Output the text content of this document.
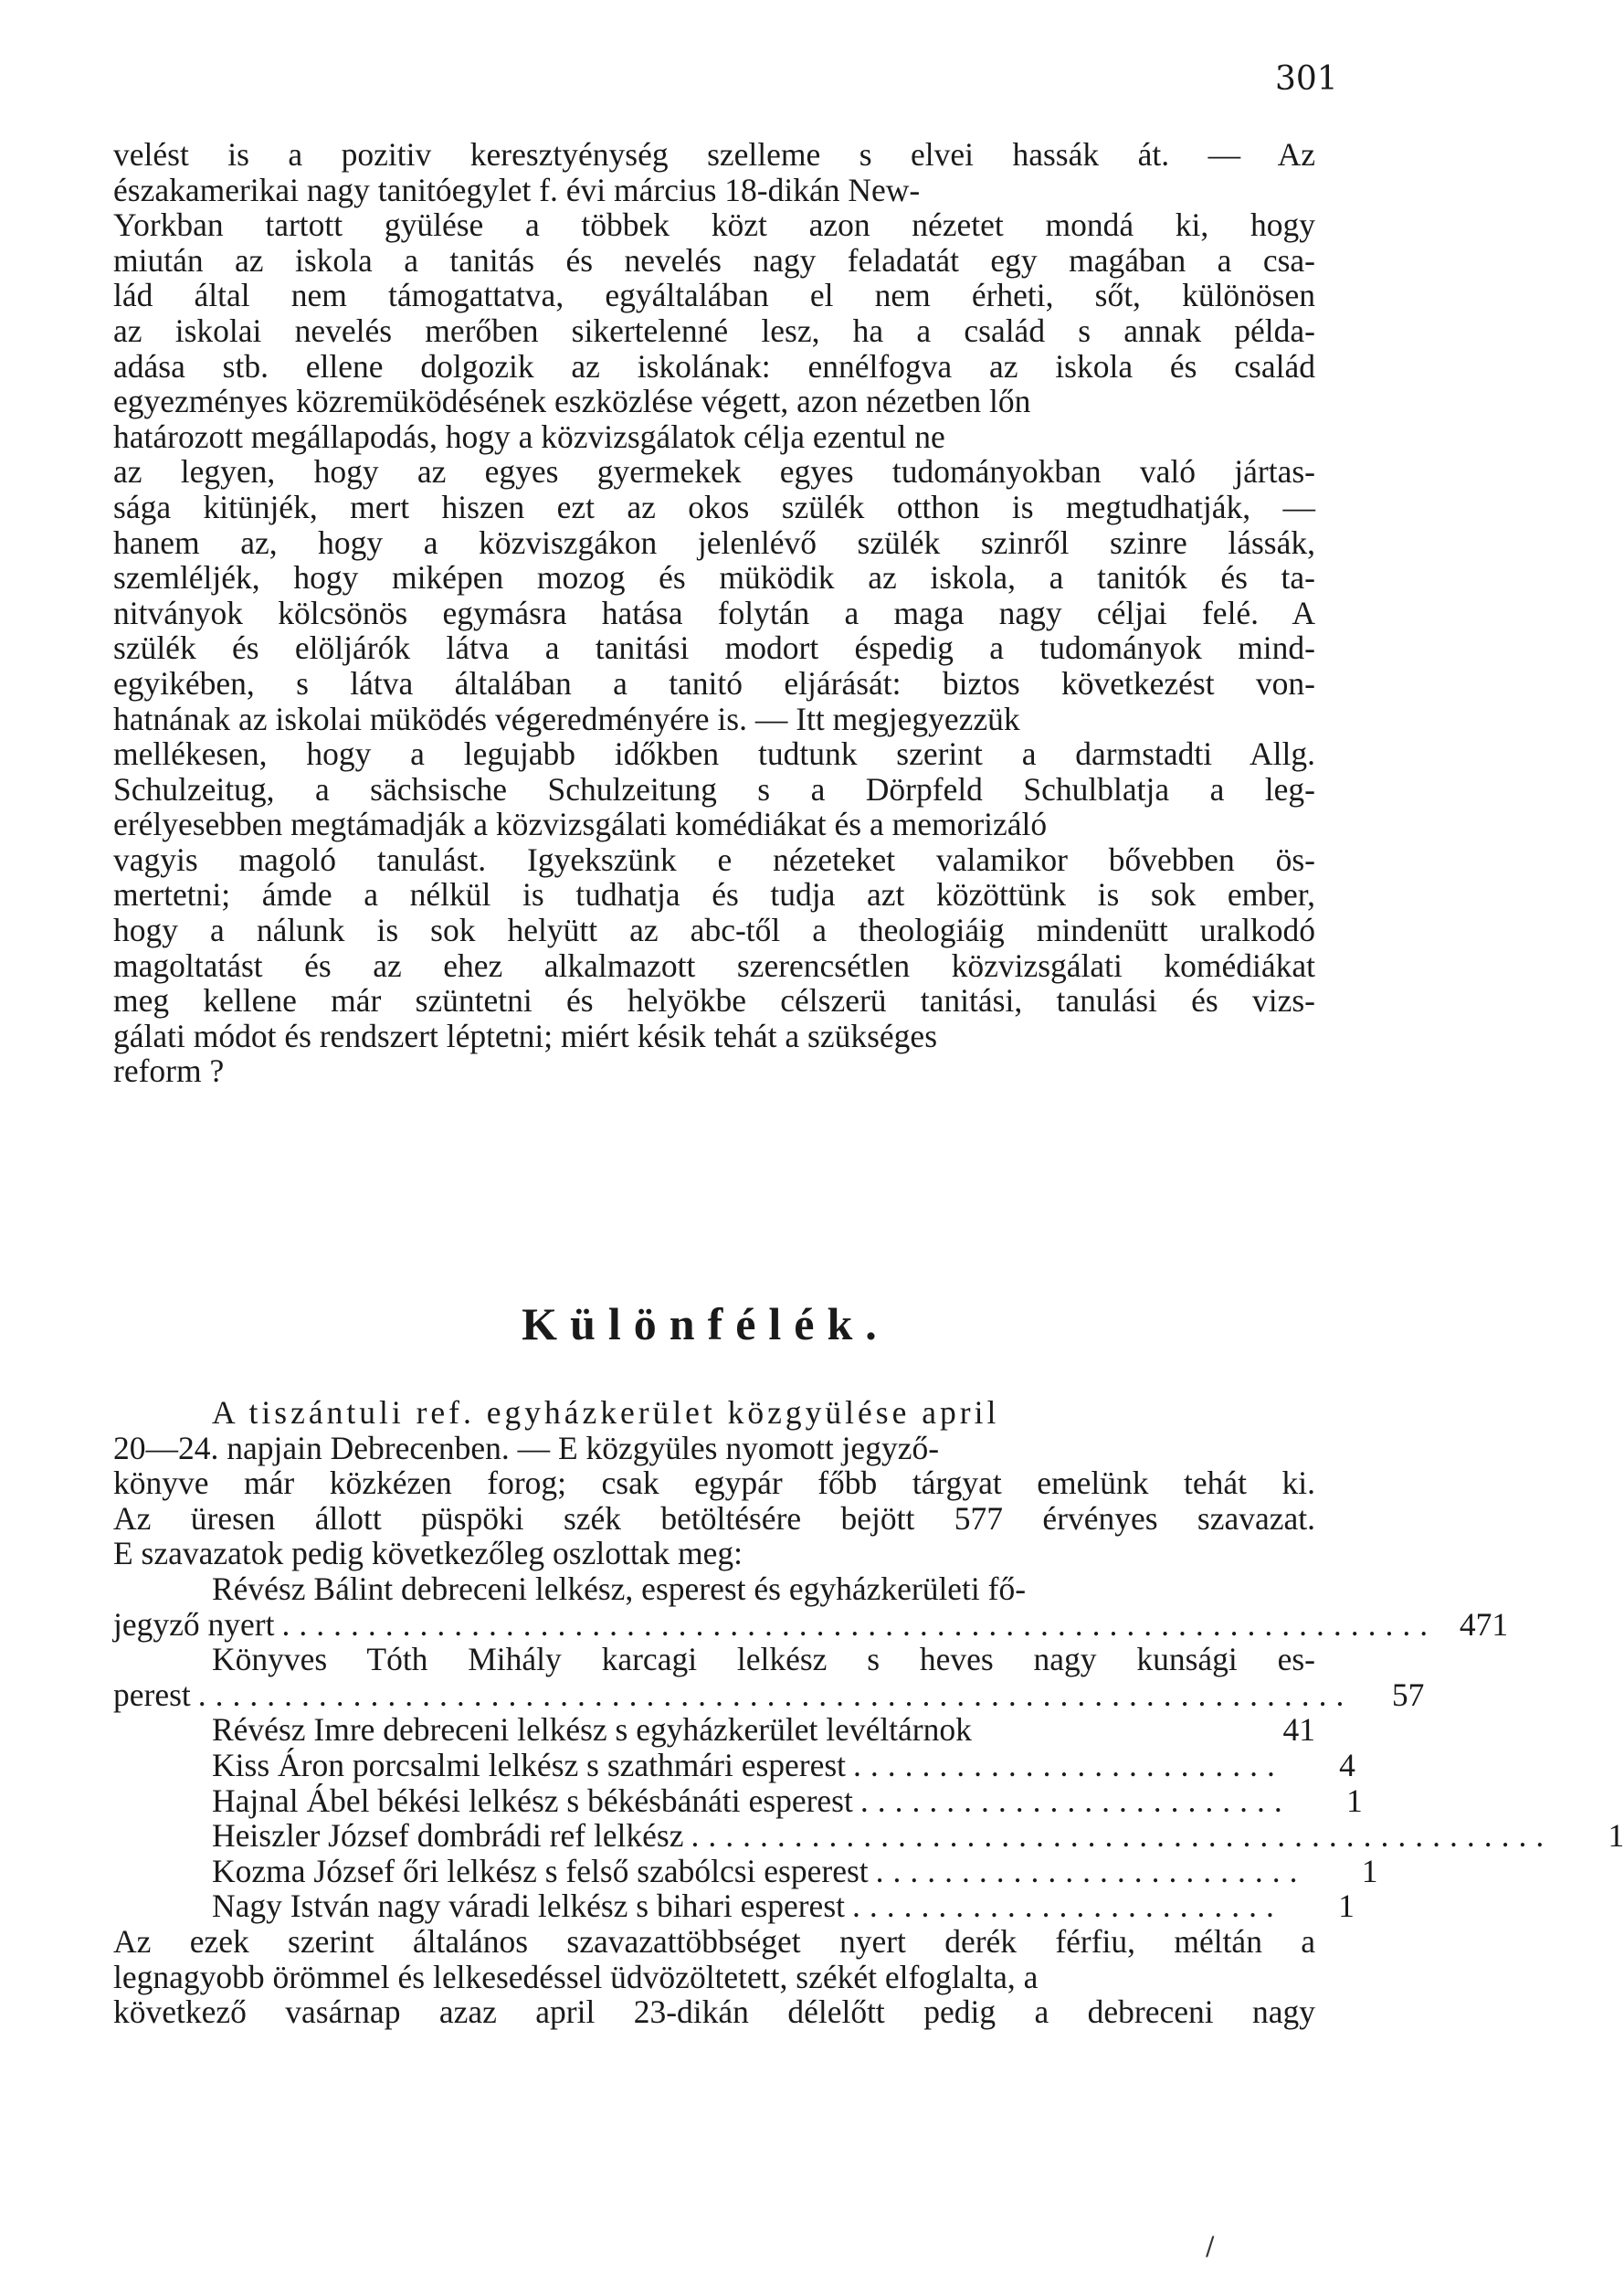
301
velést is a pozitiv keresztyénység szelleme s elvei hassák át. — Az
északamerikai nagy tanitóegylet f. évi március 18-dikán New-
Yorkban tartott gyülése a többek közt azon nézetet mondá ki, hogy
miután az iskola a tanitás és nevelés nagy feladatát egy magában a csa-
lád által nem támogattatva, egyáltalában el nem érheti, sőt, különösen
az iskolai nevelés merőben sikertelenné lesz, ha a család s annak példa-
adása stb. ellene dolgozik az iskolának: ennélfogva az iskola és család
egyezményes közremüködésének eszközlése végett, azon nézetben lőn
határozott megállapodás, hogy a közvizsgálatok célja ezentul ne
az legyen, hogy az egyes gyermekek egyes tudományokban való jártas-
sága kitünjék, mert hiszen ezt az okos szülék otthon is megtudhatják, —
hanem az, hogy a közviszgákon jelenlévő szülék szinről szinre lássák,
szemléljék, hogy miképen mozog és müködik az iskola, a tanitók és ta-
nitványok kölcsönös egymásra hatása folytán a maga nagy céljai felé. A
szülék és elöljárók látva a tanitási modort éspedig a tudományok mind-
egyikében, s látva általában a tanitó eljárását: biztos következést von-
hatnának az iskolai müködés végeredményére is. — Itt megjegyezzük
mellékesen, hogy a legujabb időkben tudtunk szerint a darmstadti Allg.
Schulzeitug, a sächsische Schulzeitung s a Dörpfeld Schulblatja a leg-
erélyesebben megtámadják a közvizsgálati komédiákat és a memorizáló
vagyis magoló tanulást. Igyekszünk e nézeteket valamikor bővebben ös-
mertetni; ámde a nélkül is tudhatja és tudja azt közöttünk is sok ember,
hogy a nálunk is sok helyütt az abc-től a theologiáig mindenütt uralkodó
magoltatást és az ehez alkalmazott szerencsétlen közvizsgálati komédiákat
meg kellene már szüntetni és helyökbe célszerü tanitási, tanulási és vizs-
gálati módot és rendszert léptetni; miért késik tehát a szükséges
reform ?
Különfélék.
A tiszántuli ref. egyházkerület közgyülése april
20—24. napjain Debrecenben. — E közgyüles nyomott jegyző-
könyve már közkézen forog; csak egypár főbb tárgyat emelünk tehát ki.
Az üresen állott püspöki szék betöltésére bejött 577 érvényes szavazat.
E szavazatok pedig következőleg oszlottak meg:
Révész Bálint debreceni lelkész, esperest és egyházkerületi fő-
jegyző nyert ................................................................... 471
Könyves Tóth Mihály karcagi lelkész s heves nagy kunsági es-
perest ...................................................................	57
Révész Imre debreceni lelkész s egyházkerület levéltárnok	41
Kiss Áron porcsalmi lelkész s szathmári esperest .........................	4
Hajnal Ábel békési lelkész s békésbánáti esperest .........................	1
Heiszler József dombrádi ref lelkész ..................................................	1
Kozma József őri lelkész s felső szabólcsi esperest .........................	1
Nagy István nagy váradi lelkész s bihari esperest .........................	1
Az ezek szerint általános szavazattöbbséget nyert derék férfiu, méltán a
legnagyobb örömmel és lelkesedéssel üdvözöltetett, székét elfoglalta, a
következő vasárnap azaz april 23-dikán délelőtt pedig a debreceni nagy
/
